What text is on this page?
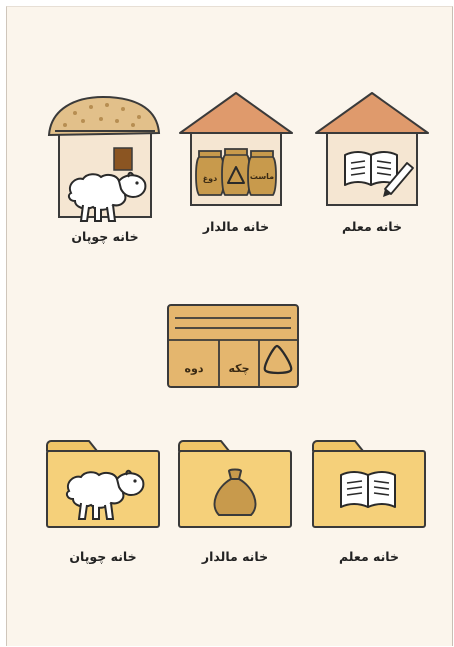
خانه چوپان
دوغ	ماست
خانه مالدار	خانه معلم
دوه چکه
خانه چوپان	خانه مالدار	خانه معلم
